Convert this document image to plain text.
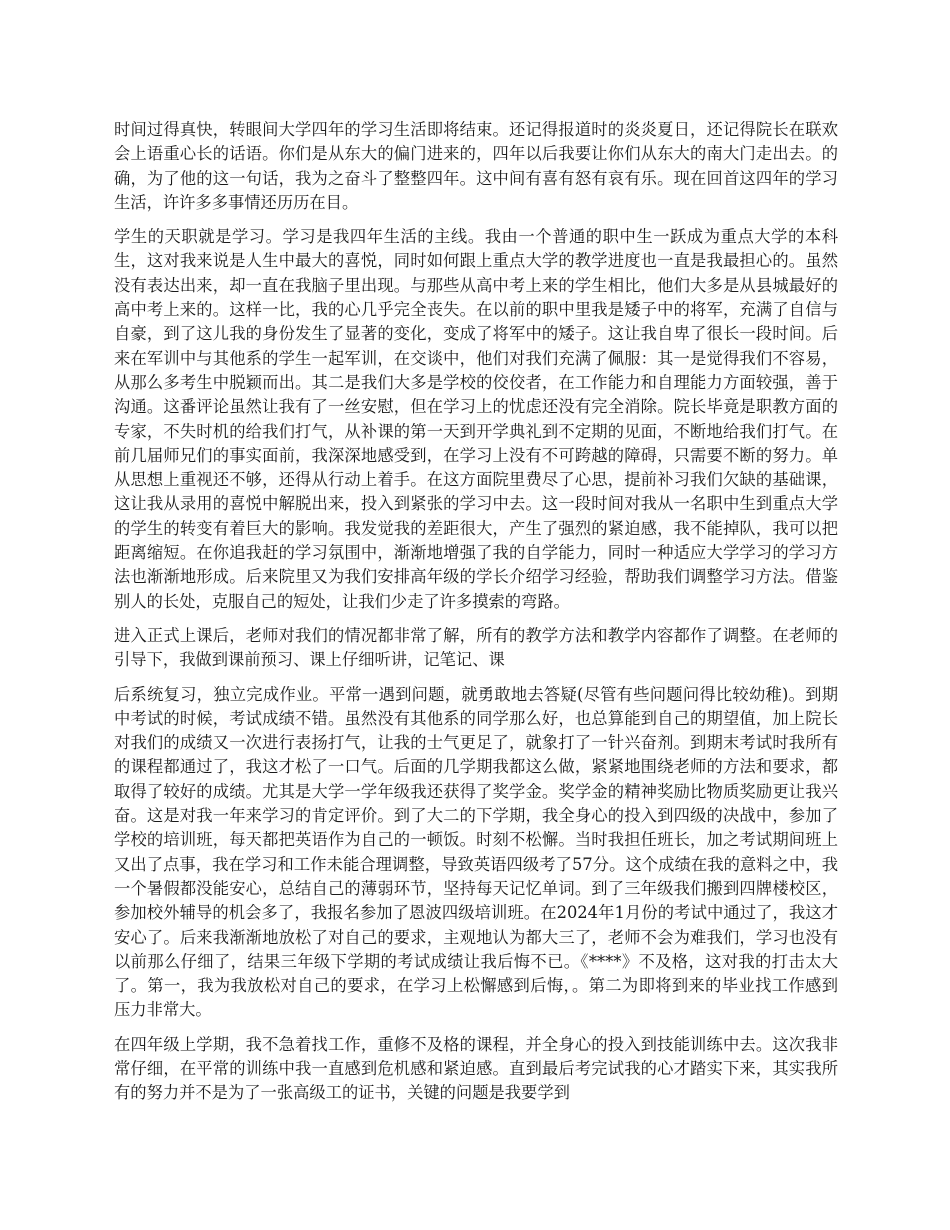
时间过得真快，转眼间大学四年的学习生活即将结束。还记得报道时的炎炎夏日，还记得院长在联欢会上语重心长的话语。你们是从东大的偏门进来的，四年以后我要让你们从东大的南大门走出去。的确，为了他的这一句话，我为之奋斗了整整四年。这中间有喜有怒有哀有乐。现在回首这四年的学习生活，许许多多事情还历历在目。

学生的天职就是学习。学习是我四年生活的主线。我由一个普通的职中生一跃成为重点大学的本科生，这对我来说是人生中最大的喜悦，同时如何跟上重点大学的教学进度也一直是我最担心的。虽然没有表达出来，却一直在我脑子里出现。与那些从高中考上来的学生相比，他们大多是从县城最好的高中考上来的。这样一比，我的心几乎完全丧失。在以前的职中里我是矮子中的将军，充满了自信与自豪，到了这儿我的身份发生了显著的变化，变成了将军中的矮子。这让我自卑了很长一段时间。后来在军训中与其他系的学生一起军训，在交谈中，他们对我们充满了佩服：其一是觉得我们不容易，从那么多考生中脱颖而出。其二是我们大多是学校的佼佼者，在工作能力和自理能力方面较强，善于沟通。这番评论虽然让我有了一丝安慰，但在学习上的忧虑还没有完全消除。院长毕竟是职教方面的专家，不失时机的给我们打气，从补课的第一天到开学典礼到不定期的见面，不断地给我们打气。在前几届师兄们的事实面前，我深深地感受到，在学习上没有不可跨越的障碍，只需要不断的努力。单从思想上重视还不够，还得从行动上着手。在这方面院里费尽了心思，提前补习我们欠缺的基础课，这让我从录用的喜悦中解脱出来，投入到紧张的学习中去。这一段时间对我从一名职中生到重点大学的学生的转变有着巨大的影响。我发觉我的差距很大，产生了强烈的紧迫感，我不能掉队，我可以把距离缩短。在你追我赶的学习氛围中，渐渐地增强了我的自学能力，同时一种适应大学学习的学习方法也渐渐地形成。后来院里又为我们安排高年级的学长介绍学习经验，帮助我们调整学习方法。借鉴别人的长处，克服自己的短处，让我们少走了许多摸索的弯路。

进入正式上课后，老师对我们的情况都非常了解，所有的教学方法和教学内容都作了调整。在老师的引导下，我做到课前预习、课上仔细听讲，记笔记、课

后系统复习，独立完成作业。平常一遇到问题，就勇敢地去答疑(尽管有些问题问得比较幼稚)。到期中考试的时候，考试成绩不错。虽然没有其他系的同学那么好，也总算能到自己的期望值，加上院长对我们的成绩又一次进行表扬打气，让我的士气更足了，就象打了一针兴奋剂。到期末考试时我所有的课程都通过了，我这才松了一口气。后面的几学期我都这么做，紧紧地围绕老师的方法和要求，都取得了较好的成绩。尤其是大学一学年级我还获得了奖学金。奖学金的精神奖励比物质奖励更让我兴奋。这是对我一年来学习的肯定评价。到了大二的下学期，我全身心的投入到四级的决战中，参加了学校的培训班，每天都把英语作为自己的一顿饭。时刻不松懈。当时我担任班长，加之考试期间班上又出了点事，我在学习和工作未能合理调整，导致英语四级考了57分。这个成绩在我的意料之中，我一个暑假都没能安心，总结自己的薄弱环节，坚持每天记忆单词。到了三年级我们搬到四牌楼校区，参加校外辅导的机会多了，我报名参加了恩波四级培训班。在2024年1月份的考试中通过了，我这才安心了。后来我渐渐地放松了对自己的要求，主观地认为都大三了，老师不会为难我们，学习也没有以前那么仔细了，结果三年级下学期的考试成绩让我后悔不已。《****》不及格，这对我的打击太大了。第一，我为我放松对自己的要求，在学习上松懈感到后悔，。第二为即将到来的毕业找工作感到压力非常大。

在四年级上学期，我不急着找工作，重修不及格的课程，并全身心的投入到技能训练中去。这次我非常仔细，在平常的训练中我一直感到危机感和紧迫感。直到最后考完试我的心才踏实下来，其实我所有的努力并不是为了一张高级工的证书，关键的问题是我要学到
